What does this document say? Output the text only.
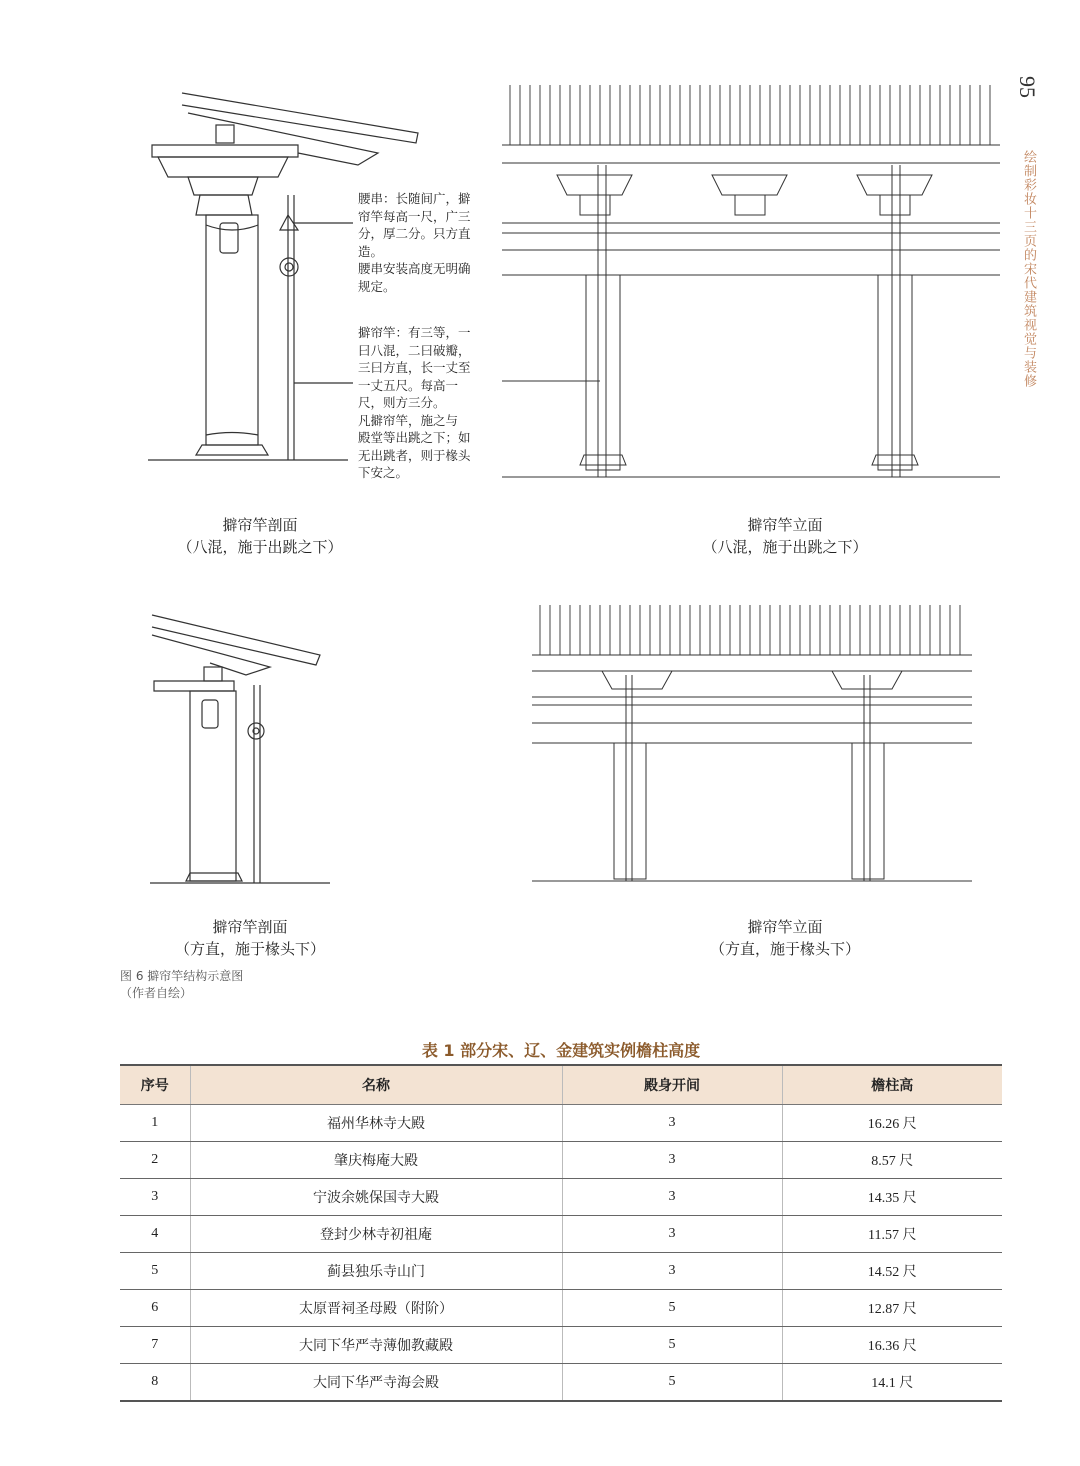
95
绘制彩妆十三页的宋代建筑视觉与装修
腰串：长随间广，擗
帘竿每高一尺，广三
分，厚二分。只方直
造。
腰串安装高度无明确
规定。
擗帘竿：有三等，一
曰八混，二曰破瓣，
三曰方直，长一丈至
一丈五尺。每高一
尺，则方三分。
凡擗帘竿，施之与
殿堂等出跳之下；如
无出跳者，则于椽头
下安之。
擗帘竿剖面
（八混，施于出跳之下）
擗帘竿立面
（八混，施于出跳之下）
擗帘竿剖面
（方直，施于椽头下）
擗帘竿立面
（方直，施于椽头下）
图 6 擗帘竿结构示意图
（作者自绘）
表 1 部分宋、辽、金建筑实例檐柱高度
序号	名称	殿身开间	檐柱高
1	福州华林寺大殿	3	16.26 尺
2	肇庆梅庵大殿	3	8.57 尺
3	宁波余姚保国寺大殿	3	14.35 尺
4	登封少林寺初祖庵	3	11.57 尺
5	蓟县独乐寺山门	3	14.52 尺
6	太原晋祠圣母殿（附阶）	5	12.87 尺
7	大同下华严寺薄伽教藏殿	5	16.36 尺
8	大同下华严寺海会殿	5	14.1 尺
